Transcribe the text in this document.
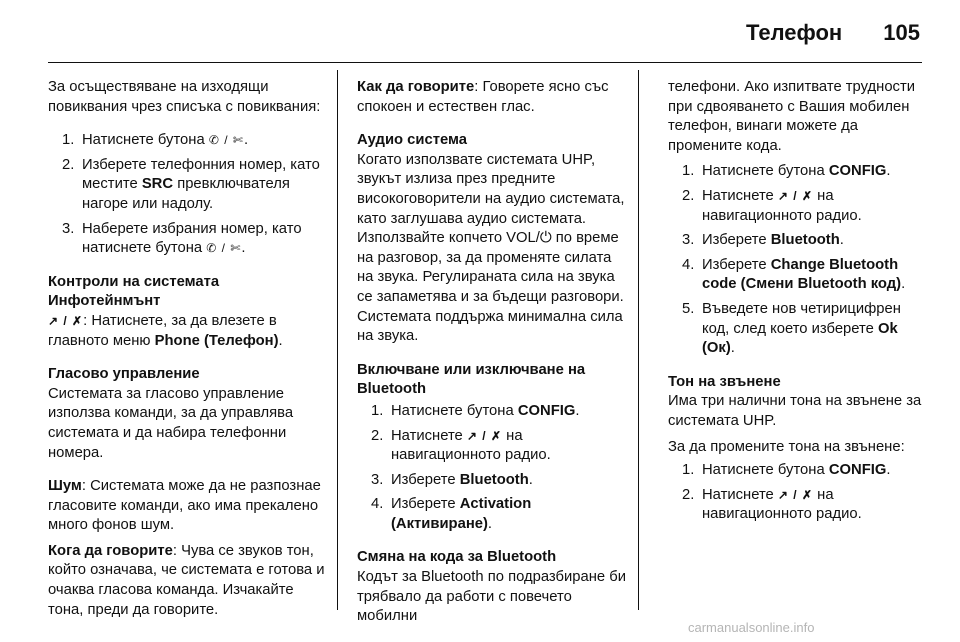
Телефон 105
За осъществяване на изходящи повиквания чрез списъка с повиквания:
1. Натиснете бутона ✆ / ✄.
2. Изберете телефонния номер, като местите SRC превключвателя нагоре или надолу.
3. Наберете избрания номер, като натиснете бутона ✆ / ✄.
Контроли на системата Инфотейнмънт
↗ / ✗: Натиснете, за да влезете в главното меню Phone (Телефон).
Гласово управление
Системата за гласово управление използва команди, за да управлява системата и да набира телефонни номера.
Шум: Системата може да не разпознае гласовите команди, ако има прекалено много фонов шум.
Кога да говорите: Чува се звуков тон, който означава, че системата е готова и очаква гласова команда. Изчакайте тона, преди да говорите.
Как да говорите: Говорете ясно със спокоен и естествен глас.
Аудио система
Когато използвате системата UHP, звукът излиза през предните високоговорители на аудио системата, като заглушава аудио системата. Използвайте копчето VOL/⏻ по време на разговор, за да променяте силата на звука. Регулираната сила на звука се запаметява и за бъдещи разговори. Системата поддържа минимална сила на звука.
Включване или изключване на Bluetooth
1. Натиснете бутона CONFIG.
2. Натиснете ↗ / ✗ на навигационното радио.
3. Изберете Bluetooth.
4. Изберете Activation (Активиране).
Смяна на кода за Bluetooth
Кодът за Bluetooth по подразбиране би трябвало да работи с повечето мобилни
телефони. Ако изпитвате трудности при сдвояването с Вашия мобилен телефон, винаги можете да промените кода.
1. Натиснете бутона CONFIG.
2. Натиснете ↗ / ✗ на навигационното радио.
3. Изберете Bluetooth.
4. Изберете Change Bluetooth code (Смени Bluetooth код).
5. Въведете нов четирицифрен код, след което изберете Ok (Ок).
Тон на звънене
Има три налични тона на звънене за системата UHP.
За да промените тона на звънене:
1. Натиснете бутона CONFIG.
2. Натиснете ↗ / ✗ на навигационното радио.
carmanualsonline.info
